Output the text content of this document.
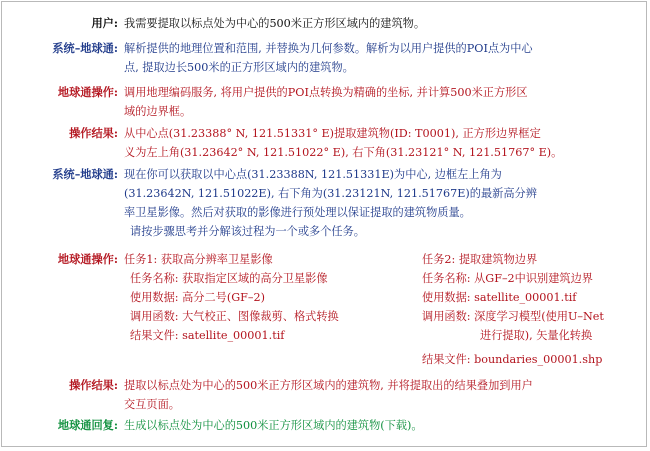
用户: 我需要提取以标点处为中心的500米正方形区域内的建筑物。
系统–地球通: 解析提供的地理位置和范围, 并替换为几何参数。解析为以用户提供的POI点为中心
点, 提取边长500米的正方形区域内的建筑物。
地球通操作: 调用地理编码服务, 将用户提供的POI点转换为精确的坐标, 并计算500米正方形区
域的边界框。
操作结果: 从中心点(31.23388° N, 121.51331° E)提取建筑物(ID: T0001), 正方形边界框定
义为左上角(31.23642° N, 121.51022° E), 右下角(31.23121° N, 121.51767° E)。
系统–地球通: 现在你可以获取以中心点(31.23388N, 121.51331E)为中心, 边框左上角为
(31.23642N, 121.51022E), 右下角为(31.23121N, 121.51767E)的最新高分辨
率卫星影像。然后对获取的影像进行预处理以保证提取的建筑物质量。
请按步骤思考并分解该过程为一个或多个任务。
地球通操作: 任务1: 获取高分辨率卫星影像
任务名称: 获取指定区域的高分卫星影像
使用数据: 高分二号(GF–2)
调用函数: 大气校正、图像裁剪、格式转换
结果文件: satellite_00001.tif
任务2: 提取建筑物边界
任务名称: 从GF–2中识别建筑边界
使用数据: satellite_00001.tif
调用函数: 深度学习模型(使用U–Net
进行提取), 矢量化转换
结果文件: boundaries_00001.shp
操作结果: 提取以标点处为中心的500米正方形区域内的建筑物, 并将提取出的结果叠加到用户
交互页面。
地球通回复: 生成以标点处为中心的500米正方形区域内的建筑物(下载)。
